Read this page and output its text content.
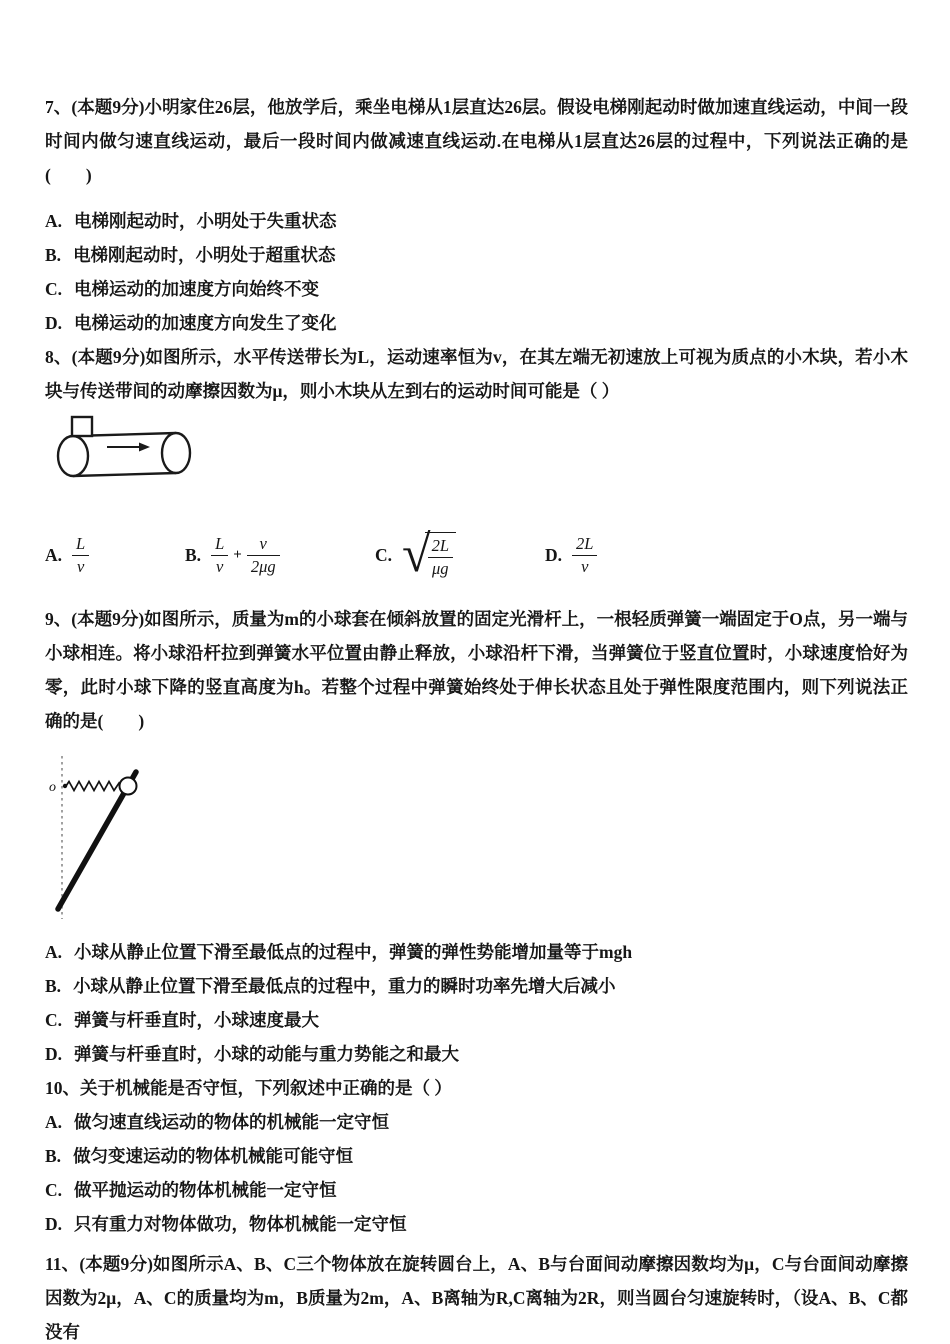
7、(本题9分)小明家住26层，他放学后，乘坐电梯从1层直达26层。假设电梯刚起动时做加速直线运动，中间一段时间内做匀速直线运动，最后一段时间内做减速直线运动.在电梯从1层直达26层的过程中，下列说法正确的是(　　)

A. 电梯刚起动时，小明处于失重状态

B. 电梯刚起动时，小明处于超重状态

C. 电梯运动的加速度方向始终不变

D. 电梯运动的加速度方向发生了变化

8、(本题9分)如图所示，水平传送带长为L，运动速率恒为v，在其左端无初速放上可视为质点的小木块，若小木块与传送带间的动摩擦因数为μ，则小木块从左到右的运动时间可能是（ ）

A. $\frac{L}{v}$	B. $\frac{L}{v} + \frac{v}{2\mu g}$	C. √
$\frac{2L}{\mu g}$	D. $\frac{2L}{v}$

9、(本题9分)如图所示，质量为m的小球套在倾斜放置的固定光滑杆上，一根轻质弹簧一端固定于O点，另一端与小球相连。将小球沿杆拉到弹簧水平位置由静止释放，小球沿杆下滑，当弹簧位于竖直位置时，小球速度恰好为零，此时小球下降的竖直高度为h。若整个过程中弹簧始终处于伸长状态且处于弹性限度范围内，则下列说法正确的是(　　)

o

A. 小球从静止位置下滑至最低点的过程中，弹簧的弹性势能增加量等于mgh

B. 小球从静止位置下滑至最低点的过程中，重力的瞬时功率先增大后减小

C. 弹簧与杆垂直时，小球速度最大

D. 弹簧与杆垂直时，小球的动能与重力势能之和最大

10、关于机械能是否守恒，下列叙述中正确的是（ ）

A. 做匀速直线运动的物体的机械能一定守恒

B. 做匀变速运动的物体机械能可能守恒

C. 做平抛运动的物体机械能一定守恒

D. 只有重力对物体做功，物体机械能一定守恒

11、(本题9分)如图所示A、B、C三个物体放在旋转圆台上，A、B与台面间动摩擦因数均为μ，C与台面间动摩擦因数为2μ，A、C的质量均为m，B质量为2m，A、B离轴为R,C离轴为2R，则当圆台匀速旋转时，（设A、B、C都没有
